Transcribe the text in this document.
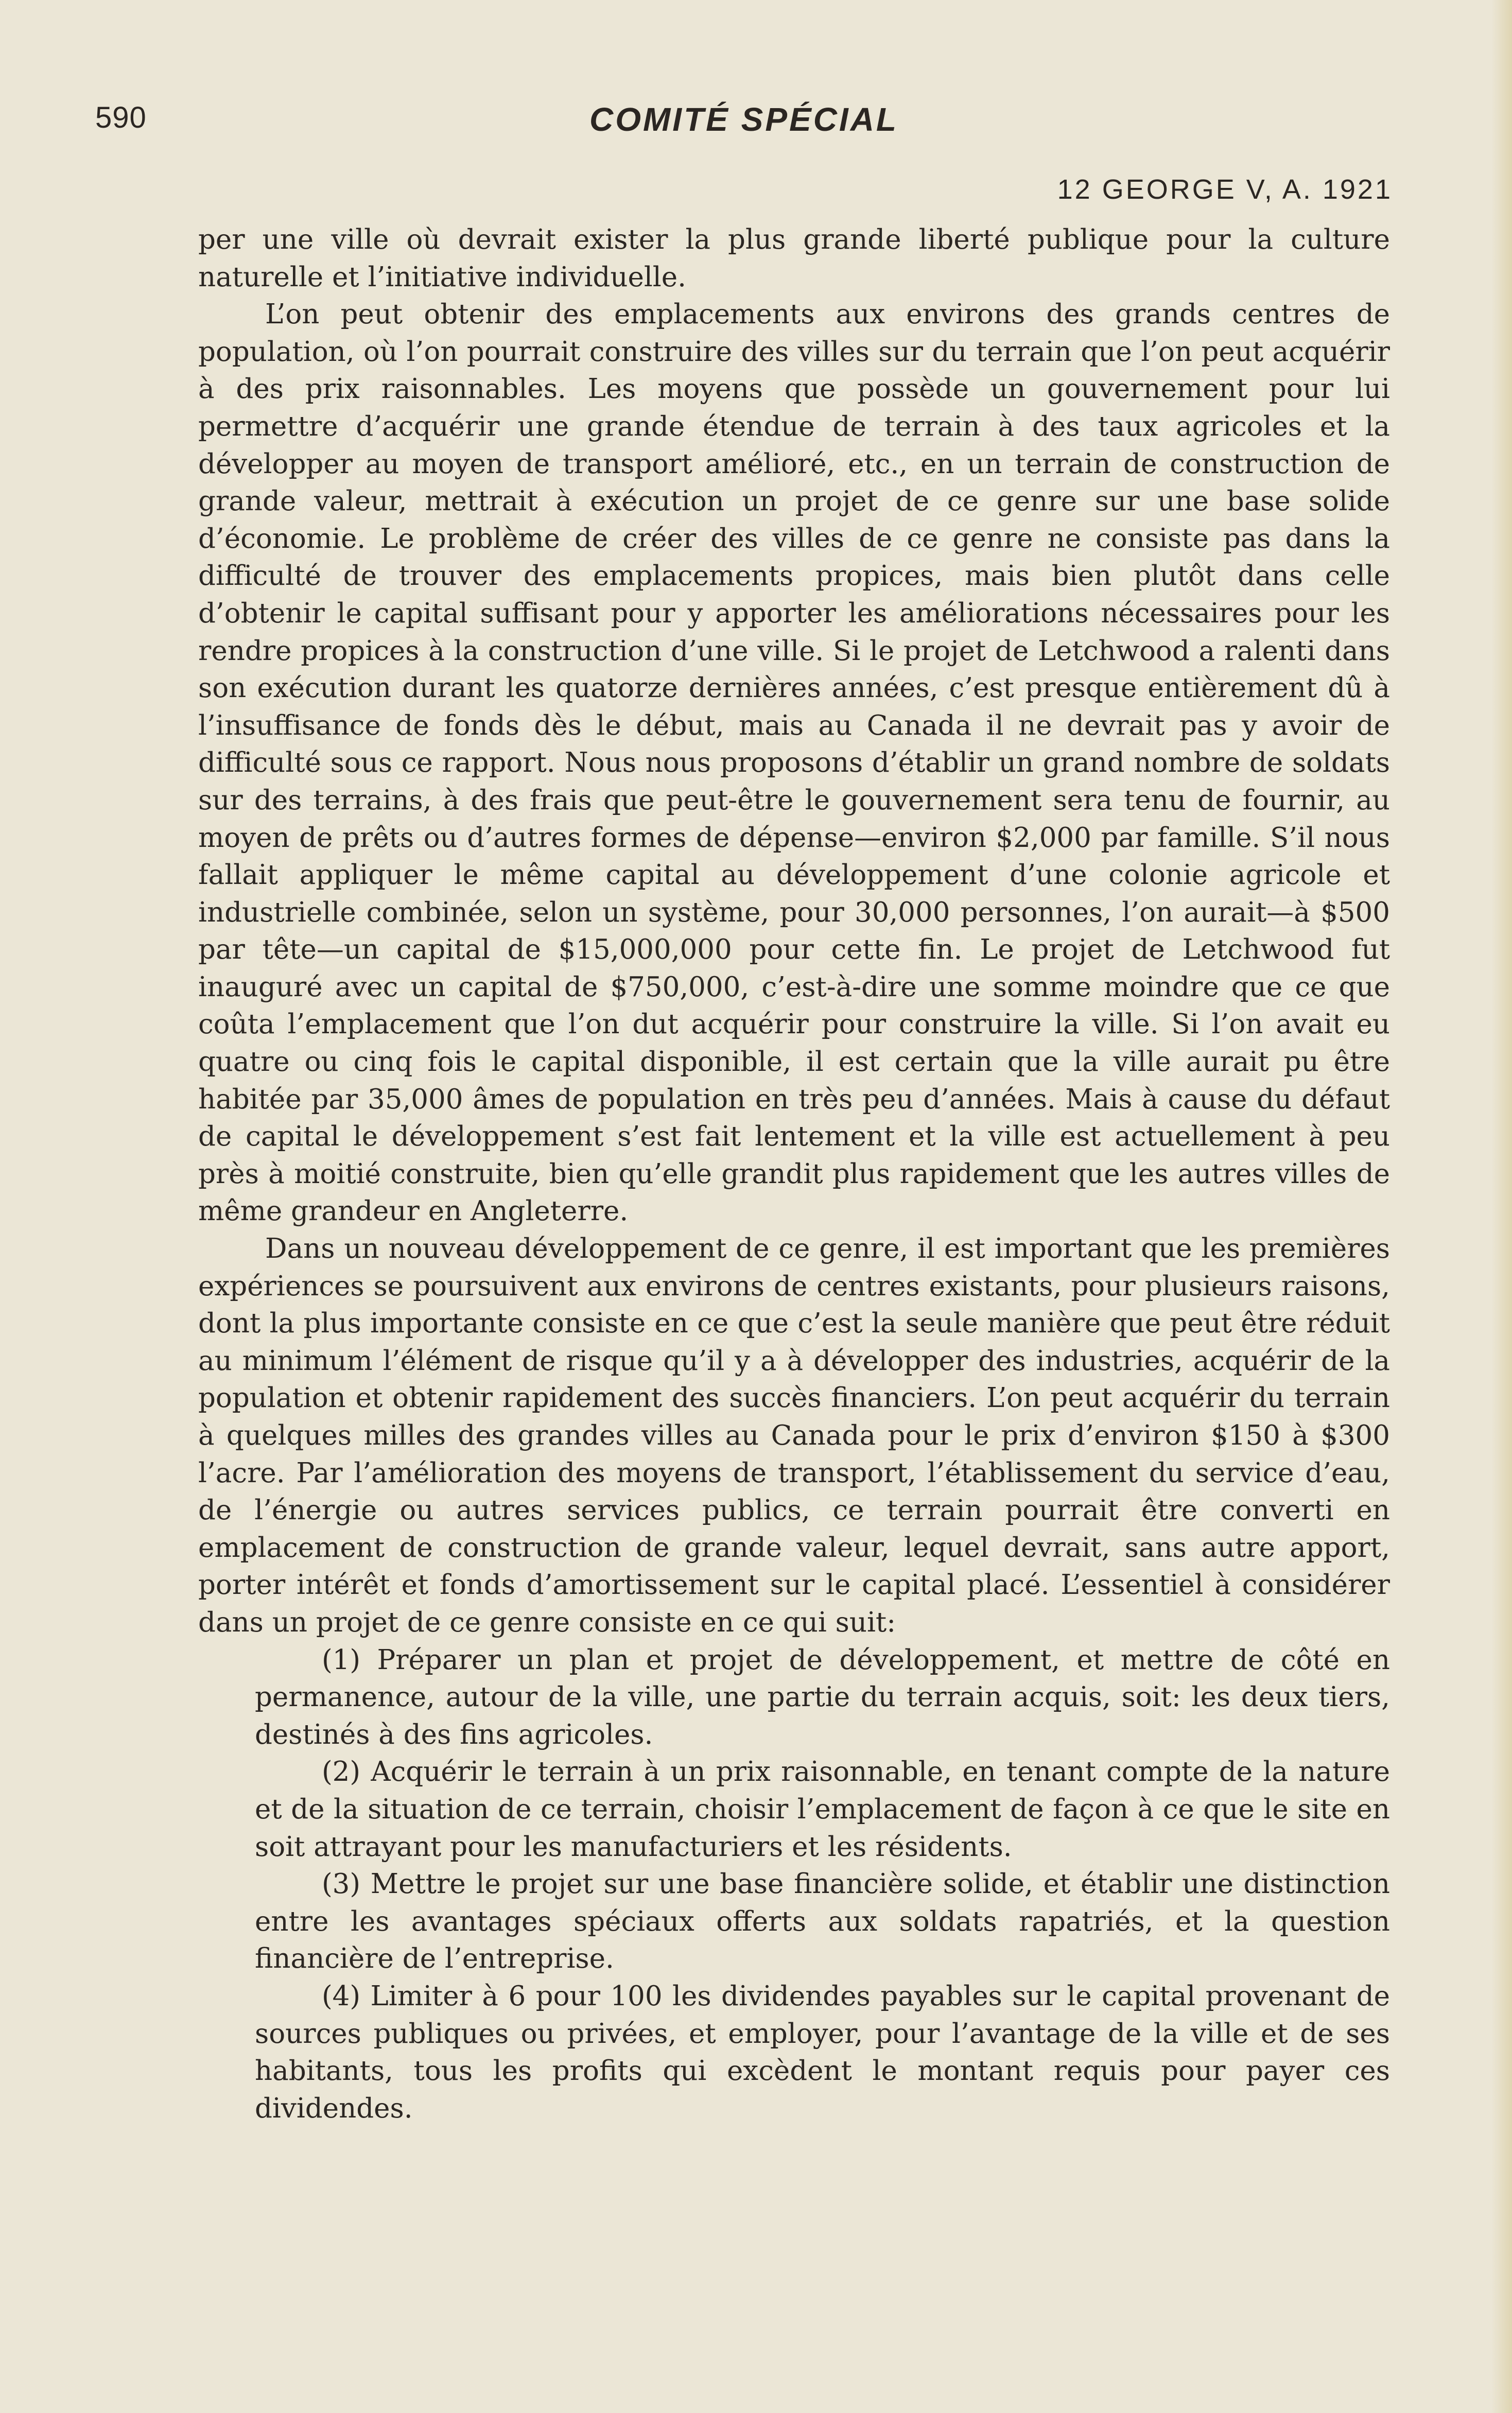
590	COMITÉ SPÉCIAL
12 GEORGE V, A. 1921

per une ville où devrait exister la plus grande liberté publique pour la culture naturelle et l’initiative individuelle.

L’on peut obtenir des emplacements aux environs des grands centres de population, où l’on pourrait construire des villes sur du terrain que l’on peut acquérir à des prix raisonnables. Les moyens que possède un gouvernement pour lui permettre d’acquérir une grande étendue de terrain à des taux agricoles et la développer au moyen de transport amélioré, etc., en un terrain de construction de grande valeur, mettrait à exécution un projet de ce genre sur une base solide d’économie. Le problème de créer des villes de ce genre ne consiste pas dans la difficulté de trouver des emplacements propices, mais bien plutôt dans celle d’obtenir le capital suffisant pour y apporter les améliorations nécessaires pour les rendre propices à la construction d’une ville. Si le projet de Letchwood a ralenti dans son exécution durant les quatorze dernières années, c’est presque entièrement dû à l’insuffisance de fonds dès le début, mais au Canada il ne devrait pas y avoir de difficulté sous ce rapport. Nous nous proposons d’établir un grand nombre de soldats sur des terrains, à des frais que peut-être le gouvernement sera tenu de fournir, au moyen de prêts ou d’autres formes de dépense—environ $2,000 par famille. S’il nous fallait appliquer le même capital au développement d’une colonie agricole et industrielle combinée, selon un système, pour 30,000 personnes, l’on aurait—à $500 par tête—un capital de $15,000,000 pour cette fin. Le projet de Letchwood fut inauguré avec un capital de $750,000, c’est-à-dire une somme moindre que ce que coûta l’emplacement que l’on dut acquérir pour construire la ville. Si l’on avait eu quatre ou cinq fois le capital disponible, il est certain que la ville aurait pu être habitée par 35,000 âmes de population en très peu d’années. Mais à cause du défaut de capital le développement s’est fait lentement et la ville est actuellement à peu près à moitié construite, bien qu’elle grandit plus rapidement que les autres villes de même grandeur en Angleterre.

Dans un nouveau développement de ce genre, il est important que les premières expériences se poursuivent aux environs de centres existants, pour plusieurs raisons, dont la plus importante consiste en ce que c’est la seule manière que peut être réduit au minimum l’élément de risque qu’il y a à développer des industries, acquérir de la population et obtenir rapidement des succès financiers. L’on peut acquérir du terrain à quelques milles des grandes villes au Canada pour le prix d’environ $150 à $300 l’acre. Par l’amélioration des moyens de transport, l’établissement du service d’eau, de l’énergie ou autres services publics, ce terrain pourrait être converti en emplacement de construction de grande valeur, lequel devrait, sans autre apport, porter intérêt et fonds d’amortissement sur le capital placé. L’essentiel à considérer dans un projet de ce genre consiste en ce qui suit:

(1) Préparer un plan et projet de développement, et mettre de côté en permanence, autour de la ville, une partie du terrain acquis, soit: les deux tiers, destinés à des fins agricoles.

(2) Acquérir le terrain à un prix raisonnable, en tenant compte de la nature et de la situation de ce terrain, choisir l’emplacement de façon à ce que le site en soit attrayant pour les manufacturiers et les résidents.

(3) Mettre le projet sur une base financière solide, et établir une distinction entre les avantages spéciaux offerts aux soldats rapatriés, et la question financière de l’entreprise.

(4) Limiter à 6 pour 100 les dividendes payables sur le capital provenant de sources publiques ou privées, et employer, pour l’avantage de la ville et de ses habitants, tous les profits qui excèdent le montant requis pour payer ces dividendes.
